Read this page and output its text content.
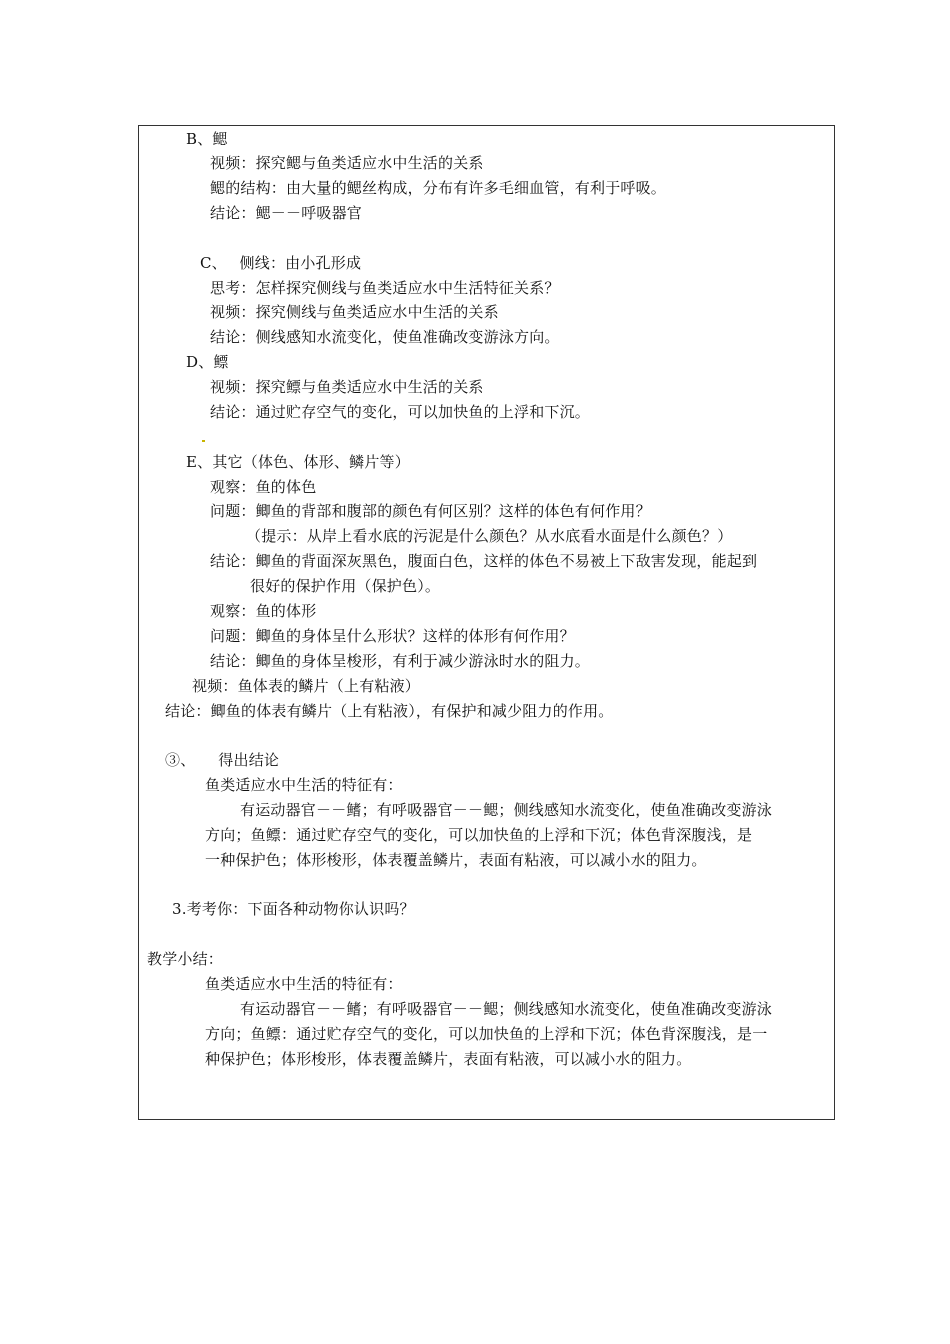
B、鳃
视频：探究鳃与鱼类适应水中生活的关系
鳃的结构：由大量的鳃丝构成，分布有许多毛细血管，有利于呼吸。
结论：鳃－－呼吸器官
C、　 侧线：由小孔形成
思考：怎样探究侧线与鱼类适应水中生活特征关系？
视频：探究侧线与鱼类适应水中生活的关系
结论：侧线感知水流变化，使鱼准确改变游泳方向。
D、鳔
视频：探究鳔与鱼类适应水中生活的关系
结论：通过贮存空气的变化，可以加快鱼的上浮和下沉。
E、其它（体色、体形、鳞片等）
观察：鱼的体色
问题：鲫鱼的背部和腹部的颜色有何区别？这样的体色有何作用？
（提示：从岸上看水底的污泥是什么颜色？从水底看水面是什么颜色？）
结论：鲫鱼的背面深灰黑色，腹面白色，这样的体色不易被上下敌害发现，能起到
很好的保护作用（保护色）。
观察：鱼的体形
问题：鲫鱼的身体呈什么形状？这样的体形有何作用？
结论：鲫鱼的身体呈梭形，有利于减少游泳时水的阻力。
视频：鱼体表的鳞片（上有粘液）
结论：鲫鱼的体表有鳞片（上有粘液），有保护和减少阻力的作用。
③、　　得出结论
鱼类适应水中生活的特征有：
有运动器官－－鳍；有呼吸器官－－鳃；侧线感知水流变化，使鱼准确改变游泳
方向；鱼鳔：通过贮存空气的变化，可以加快鱼的上浮和下沉；体色背深腹浅，是
一种保护色；体形梭形，体表覆盖鳞片，表面有粘液，可以减小水的阻力。
3.考考你：下面各种动物你认识吗？
教学小结：
鱼类适应水中生活的特征有：
有运动器官－－鳍；有呼吸器官－－鳃；侧线感知水流变化，使鱼准确改变游泳
方向；鱼鳔：通过贮存空气的变化，可以加快鱼的上浮和下沉；体色背深腹浅，是一
种保护色；体形梭形，体表覆盖鳞片，表面有粘液，可以减小水的阻力。
